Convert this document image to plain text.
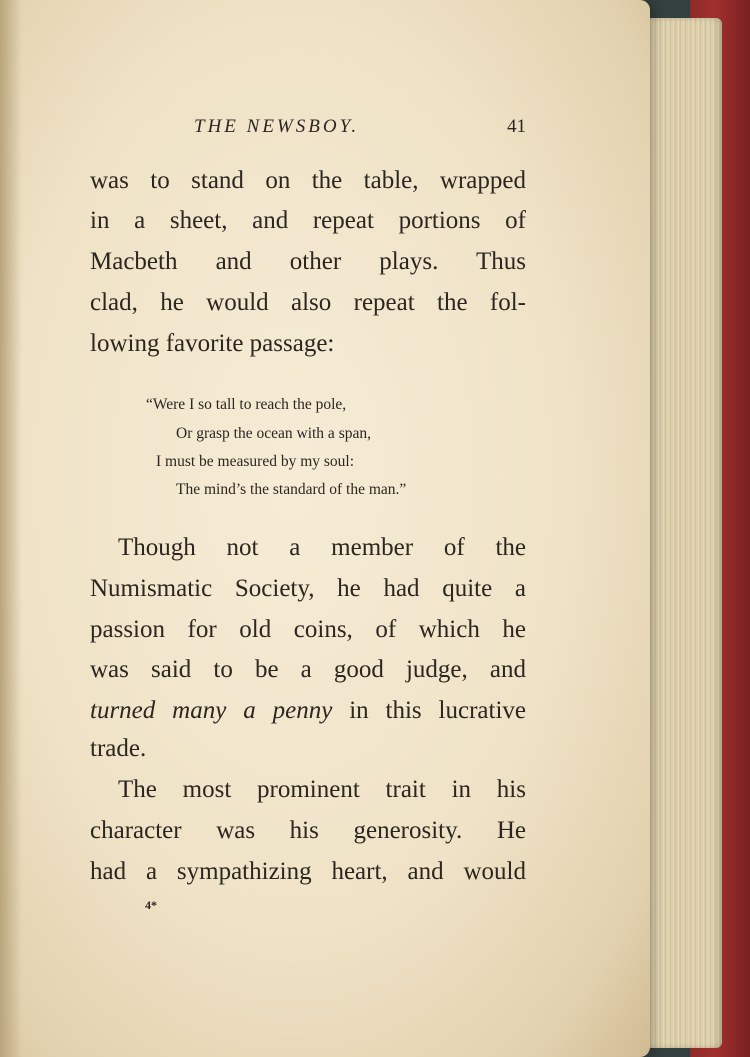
THE NEWSBOY.	41
was to stand on the table, wrapped
in a sheet, and repeat portions of
Macbeth and other plays. Thus
clad, he would also repeat the fol-
lowing favorite passage:
“Were I so tall to reach the pole,
Or grasp the ocean with a span,
I must be measured by my soul:
The mind’s the standard of the man.”
Though not a member of the
Numismatic Society, he had quite a
passion for old coins, of which he
was said to be a good judge, and
turned many a penny in this lucrative
trade.
The most prominent trait in his
character was his generosity. He
had a sympathizing heart, and would
4*
